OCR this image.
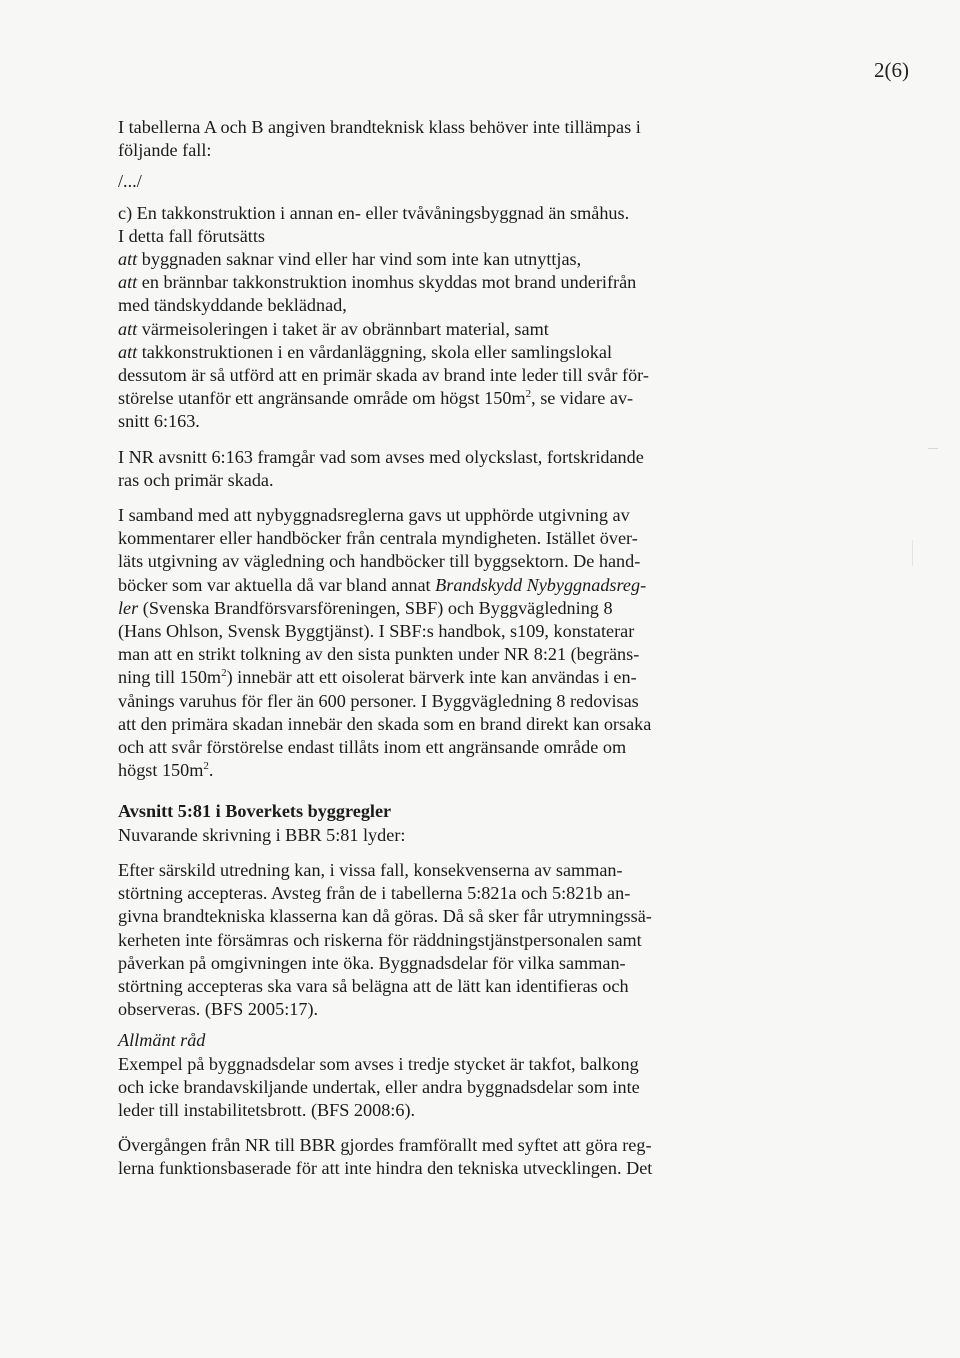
2(6)
I tabellerna A och B angiven brandteknisk klass behöver inte tillämpas i
följande fall:
/.../
c) En takkonstruktion i annan en- eller tvåvåningsbyggnad än småhus.
I detta fall förutsätts
att byggnaden saknar vind eller har vind som inte kan utnyttjas,
att en brännbar takkonstruktion inomhus skyddas mot brand underifrån
med tändskyddande beklädnad,
att värmeisoleringen i taket är av obrännbart material, samt
att takkonstruktionen i en vårdanläggning, skola eller samlingslokal
dessutom är så utförd att en primär skada av brand inte leder till svår för-
störelse utanför ett angränsande område om högst $150m^2$, se vidare av-
snitt 6:163.
I NR avsnitt 6:163 framgår vad som avses med olyckslast, fortskridande
ras och primär skada.
I samband med att nybyggnadsreglerna gavs ut upphörde utgivning av
kommentarer eller handböcker från centrala myndigheten. Istället över-
läts utgivning av vägledning och handböcker till byggsektorn. De hand-
böcker som var aktuella då var bland annat Brandskydd Nybyggnadsreg-
ler (Svenska Brandförsvarsföreningen, SBF) och Byggvägledning 8
(Hans Ohlson, Svensk Byggtjänst). I SBF:s handbok, s109, konstaterar
man att en strikt tolkning av den sista punkten under NR 8:21 (begräns-
ning till $150m^2$) innebär att ett oisolerat bärverk inte kan användas i en-
vånings varuhus för fler än 600 personer. I Byggvägledning 8 redovisas
att den primära skadan innebär den skada som en brand direkt kan orsaka
och att svår förstörelse endast tillåts inom ett angränsande område om
högst $150m^2$.
Avsnitt 5:81 i Boverkets byggregler
Nuvarande skrivning i BBR 5:81 lyder:
Efter särskild utredning kan, i vissa fall, konsekvenserna av samman-
störtning accepteras. Avsteg från de i tabellerna 5:821a och 5:821b an-
givna brandtekniska klasserna kan då göras. Då så sker får utrymningssä-
kerheten inte försämras och riskerna för räddningstjänstpersonalen samt
påverkan på omgivningen inte öka. Byggnadsdelar för vilka samman-
störtning accepteras ska vara så belägna att de lätt kan identifieras och
observeras. (BFS 2005:17).
Allmänt råd
Exempel på byggnadsdelar som avses i tredje stycket är takfot, balkong
och icke brandavskiljande undertak, eller andra byggnadsdelar som inte
leder till instabilitetsbrott. (BFS 2008:6).
Övergången från NR till BBR gjordes framförallt med syftet att göra reg-
lerna funktionsbaserade för att inte hindra den tekniska utvecklingen. Det
